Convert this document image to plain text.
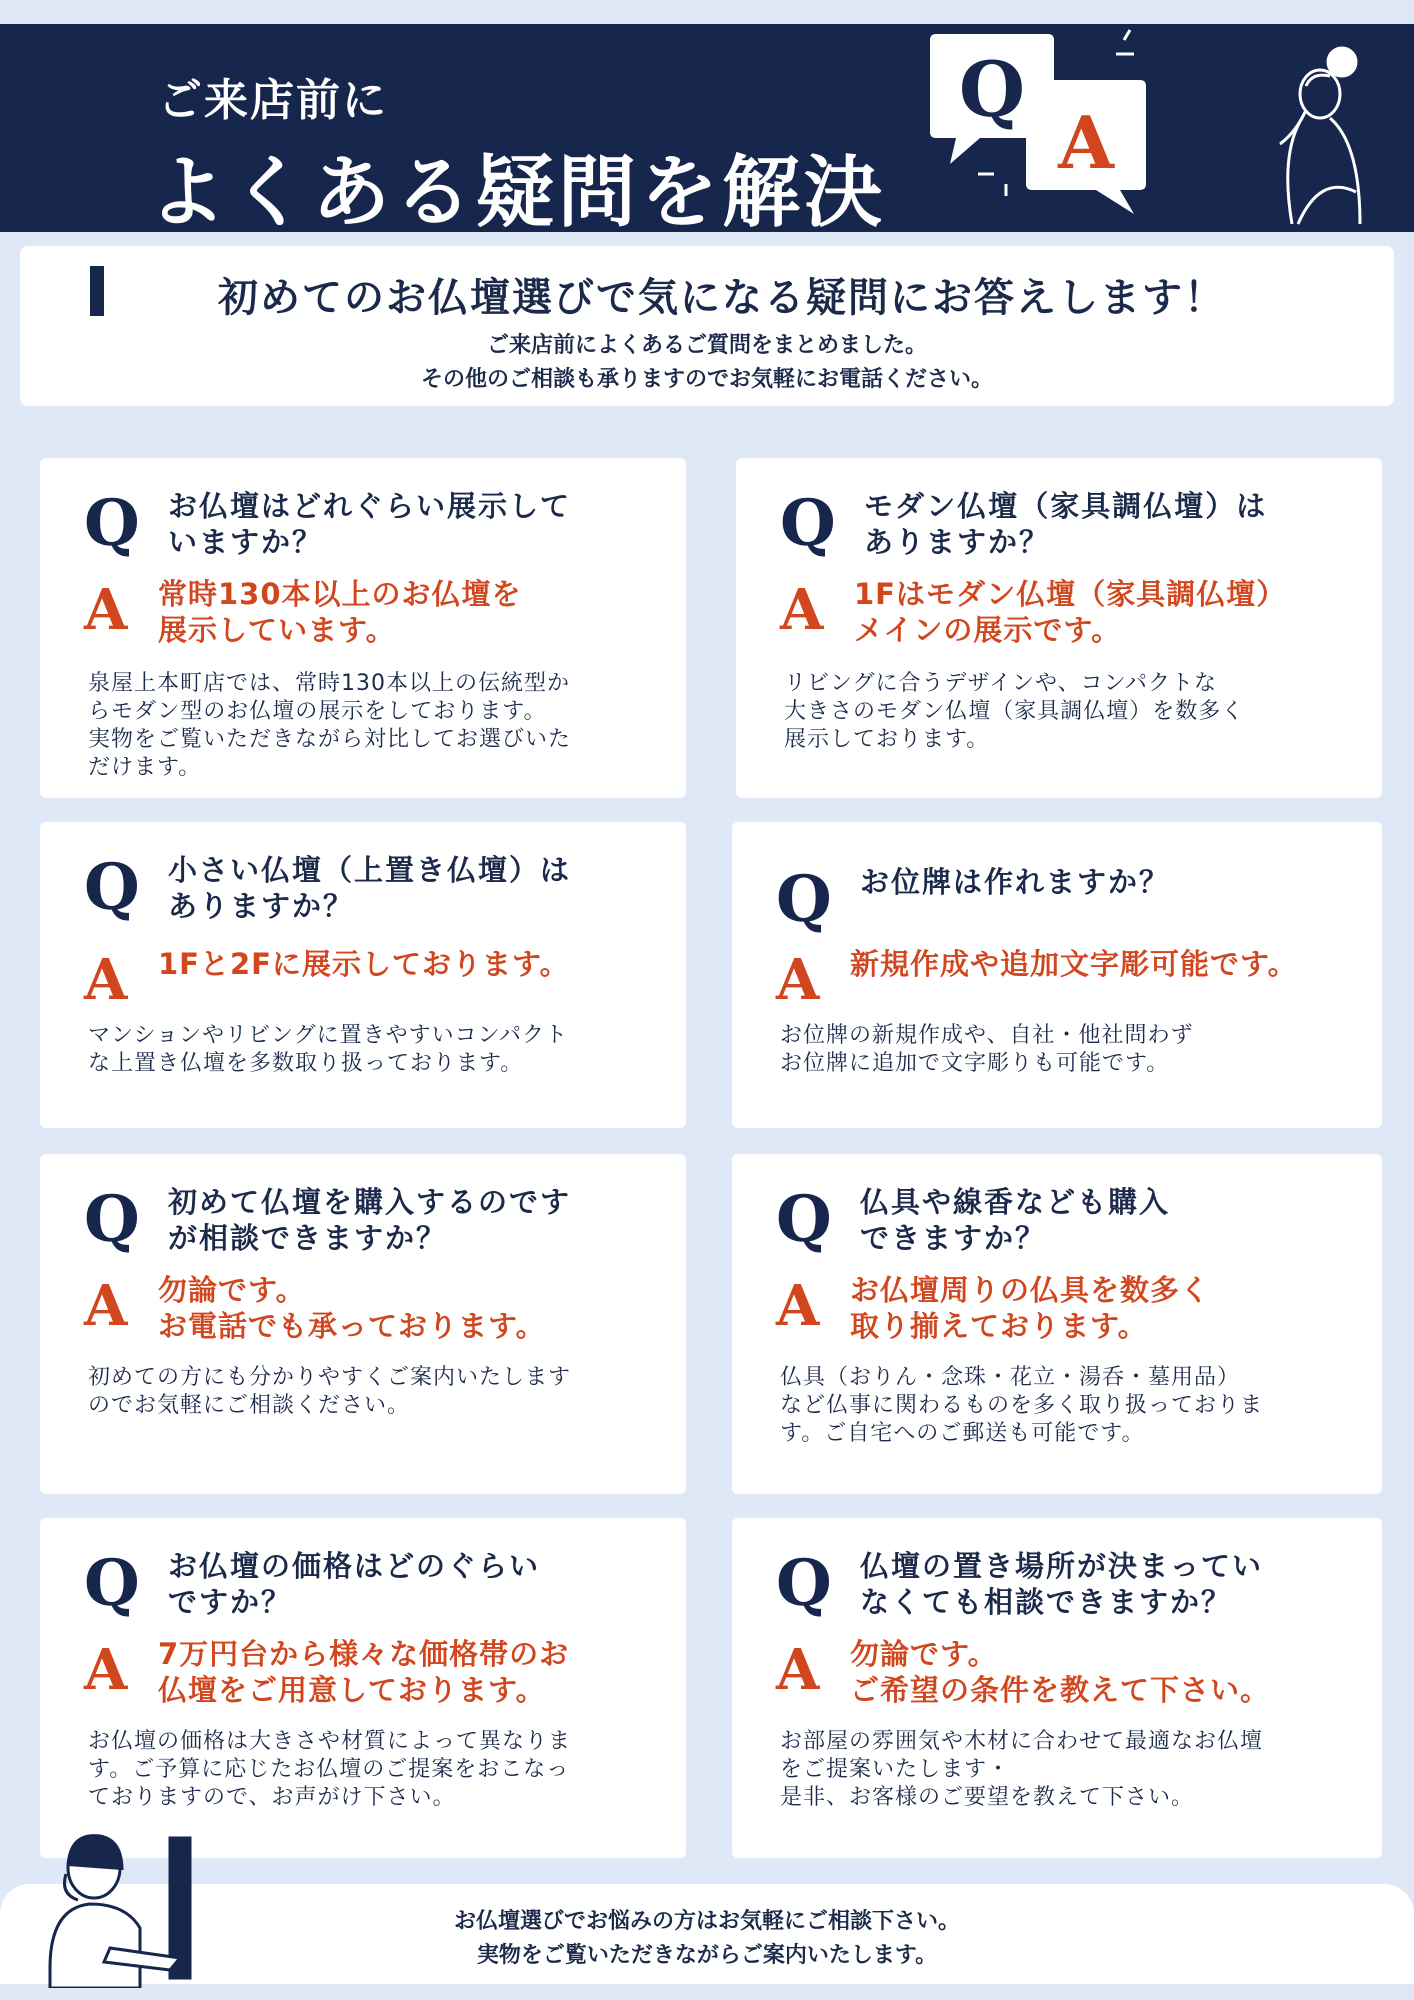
ご来店前に
よくある疑問を解決
Q
A
初めてのお仏壇選びで気になる疑問にお答えします！
ご来店前によくあるご質問をまとめました。
その他のご相談も承りますのでお気軽にお電話ください。
Q お仏壇はどれぐらい展示して
いますか？
A 常時130本以上のお仏壇を
展示しています。
泉屋上本町店では、常時130本以上の伝統型か
らモダン型のお仏壇の展示をしております。
実物をご覧いただきながら対比してお選びいた
だけます。
Q モダン仏壇（家具調仏壇）は
ありますか？
A 1Fはモダン仏壇（家具調仏壇）
メインの展示です。
リビングに合うデザインや、コンパクトな
大きさのモダン仏壇（家具調仏壇）を数多く
展示しております。
Q 小さい仏壇（上置き仏壇）は
ありますか？
A 1Fと2Fに展示しております。
マンションやリビングに置きやすいコンパクト
な上置き仏壇を多数取り扱っております。
Q お位牌は作れますか？
A 新規作成や追加文字彫可能です。
お位牌の新規作成や、自社・他社問わず
お位牌に追加で文字彫りも可能です。
Q 初めて仏壇を購入するのです
が相談できますか？
A 勿論です。
お電話でも承っております。
初めての方にも分かりやすくご案内いたします
のでお気軽にご相談ください。
Q 仏具や線香なども購入
できますか？
A お仏壇周りの仏具を数多く
取り揃えております。
仏具（おりん・念珠・花立・湯呑・墓用品）
など仏事に関わるものを多く取り扱っておりま
す。ご自宅へのご郵送も可能です。
Q お仏壇の価格はどのぐらい
ですか？
A 7万円台から様々な価格帯のお
仏壇をご用意しております。
お仏壇の価格は大きさや材質によって異なりま
す。ご予算に応じたお仏壇のご提案をおこなっ
ておりますので、お声がけ下さい。
Q 仏壇の置き場所が決まってい
なくても相談できますか？
A 勿論です。
ご希望の条件を教えて下さい。
お部屋の雰囲気や木材に合わせて最適なお仏壇
をご提案いたします・
是非、お客様のご要望を教えて下さい。
お仏壇選びでお悩みの方はお気軽にご相談下さい。
実物をご覧いただきながらご案内いたします。
